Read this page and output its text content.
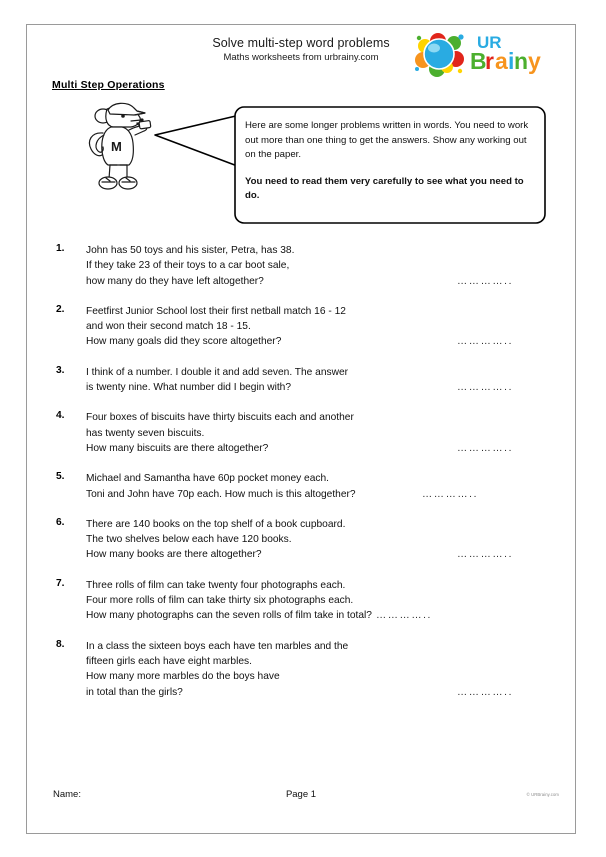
Solve multi-step word problems
Maths worksheets from urbrainy.com
UR
B
r a i n y
Multi Step Operations
M
Here are some longer problems written in words. You need to work out more than one thing to get the answers. Show any working out on the paper.
You need to read them very carefully to see what you need to do.
1.	John has 50 toys and his sister, Petra, has 38.
If they take 23 of their toys to a car boot sale,
how many do they have left altogether?	…………..
2.	Feetfirst Junior School lost their first netball match 16 - 12
and won their second match 18 - 15.
How many goals did they score altogether?	…………..
3.	I think of a number. I double it and add seven. The answer
is twenty nine. What number did I begin with?	…………..
4.	Four boxes of biscuits have thirty biscuits each and another
has twenty seven biscuits.
How many biscuits are there altogether?	…………..
5.	Michael and Samantha have 60p pocket money each.
Toni and John have 70p each. How much is this altogether?	…………..
6.	There are 140 books on the top shelf of a book cupboard.
The two shelves below each have 120 books.
How many books are there altogether?	…………..
7.	Three rolls of film can take twenty four photographs each.
Four more rolls of film can take thirty six photographs each.
How many photographs can the seven rolls of film take in total? …………..
8.	In a class the sixteen boys each have ten marbles and the
fifteen girls each have eight marbles.
How many more marbles do the boys have
in total than the girls?	…………..
Name:	Page 1	© URBrainy.com
